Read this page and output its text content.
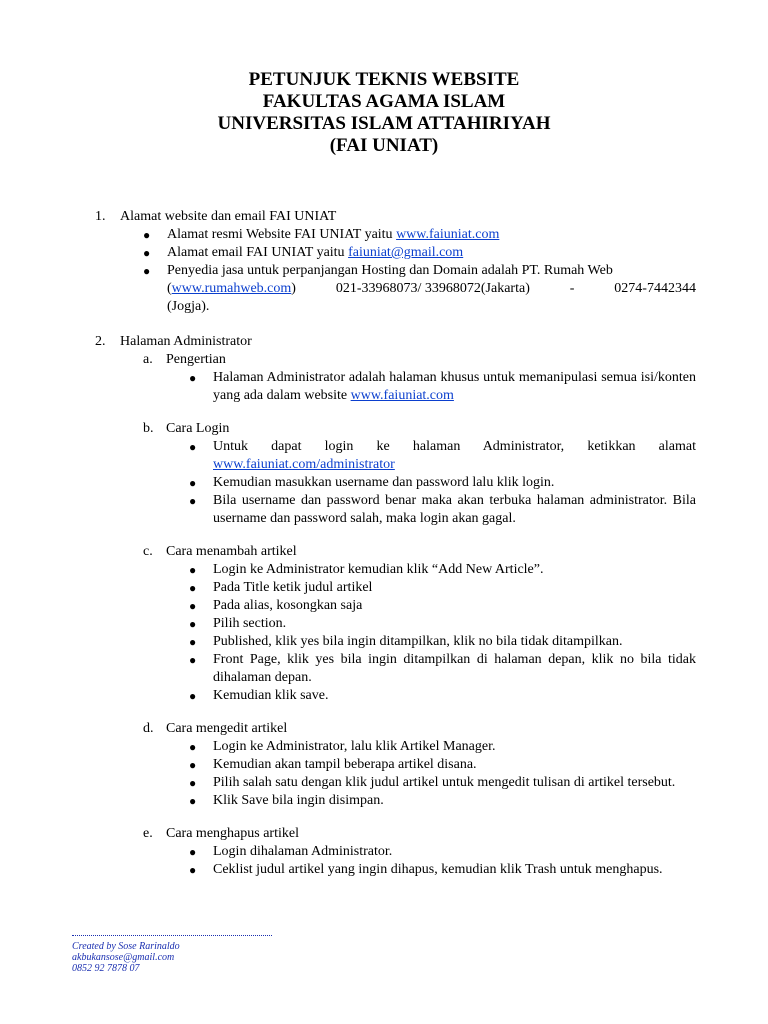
PETUNJUK TEKNIS WEBSITE
FAKULTAS AGAMA ISLAM
UNIVERSITAS ISLAM ATTAHIRIYAH
(FAI UNIAT)
1. Alamat website dan email FAI UNIAT
● Alamat resmi Website FAI UNIAT yaitu www.faiuniat.com
● Alamat email FAI UNIAT yaitu faiuniat@gmail.com
● Penyedia jasa untuk perpanjangan Hosting dan Domain adalah PT. Rumah Web
(www.rumahweb.com)	021-33968073/ 33968072(Jakarta)	-	0274-7442344
(Jogja).
2. Halaman Administrator
a. Pengertian
● Halaman Administrator adalah halaman khusus untuk memanipulasi semua isi/konten yang ada dalam website www.faiuniat.com
b. Cara Login
● Untuk dapat login ke halaman Administrator, ketikkan alamat www.faiuniat.com/administrator
● Kemudian masukkan username dan password lalu klik login.
● Bila username dan password benar maka akan terbuka halaman administrator. Bila username dan password salah, maka login akan gagal.
c. Cara menambah artikel
● Login ke Administrator kemudian klik “Add New Article”.
● Pada Title ketik judul artikel
● Pada alias, kosongkan saja
● Pilih section.
● Published, klik yes bila ingin ditampilkan, klik no bila tidak ditampilkan.
● Front Page, klik yes bila ingin ditampilkan di halaman depan, klik no bila tidak dihalaman depan.
● Kemudian klik save.
d. Cara mengedit artikel
● Login ke Administrator, lalu klik Artikel Manager.
● Kemudian akan tampil beberapa artikel disana.
● Pilih salah satu dengan klik judul artikel untuk mengedit tulisan di artikel tersebut.
● Klik Save bila ingin disimpan.
e. Cara menghapus artikel
● Login dihalaman Administrator.
● Ceklist judul artikel yang ingin dihapus, kemudian klik Trash untuk menghapus.
Created by Sose Rarinaldo
akbukansose@gmail.com
0852 92 7878 07
